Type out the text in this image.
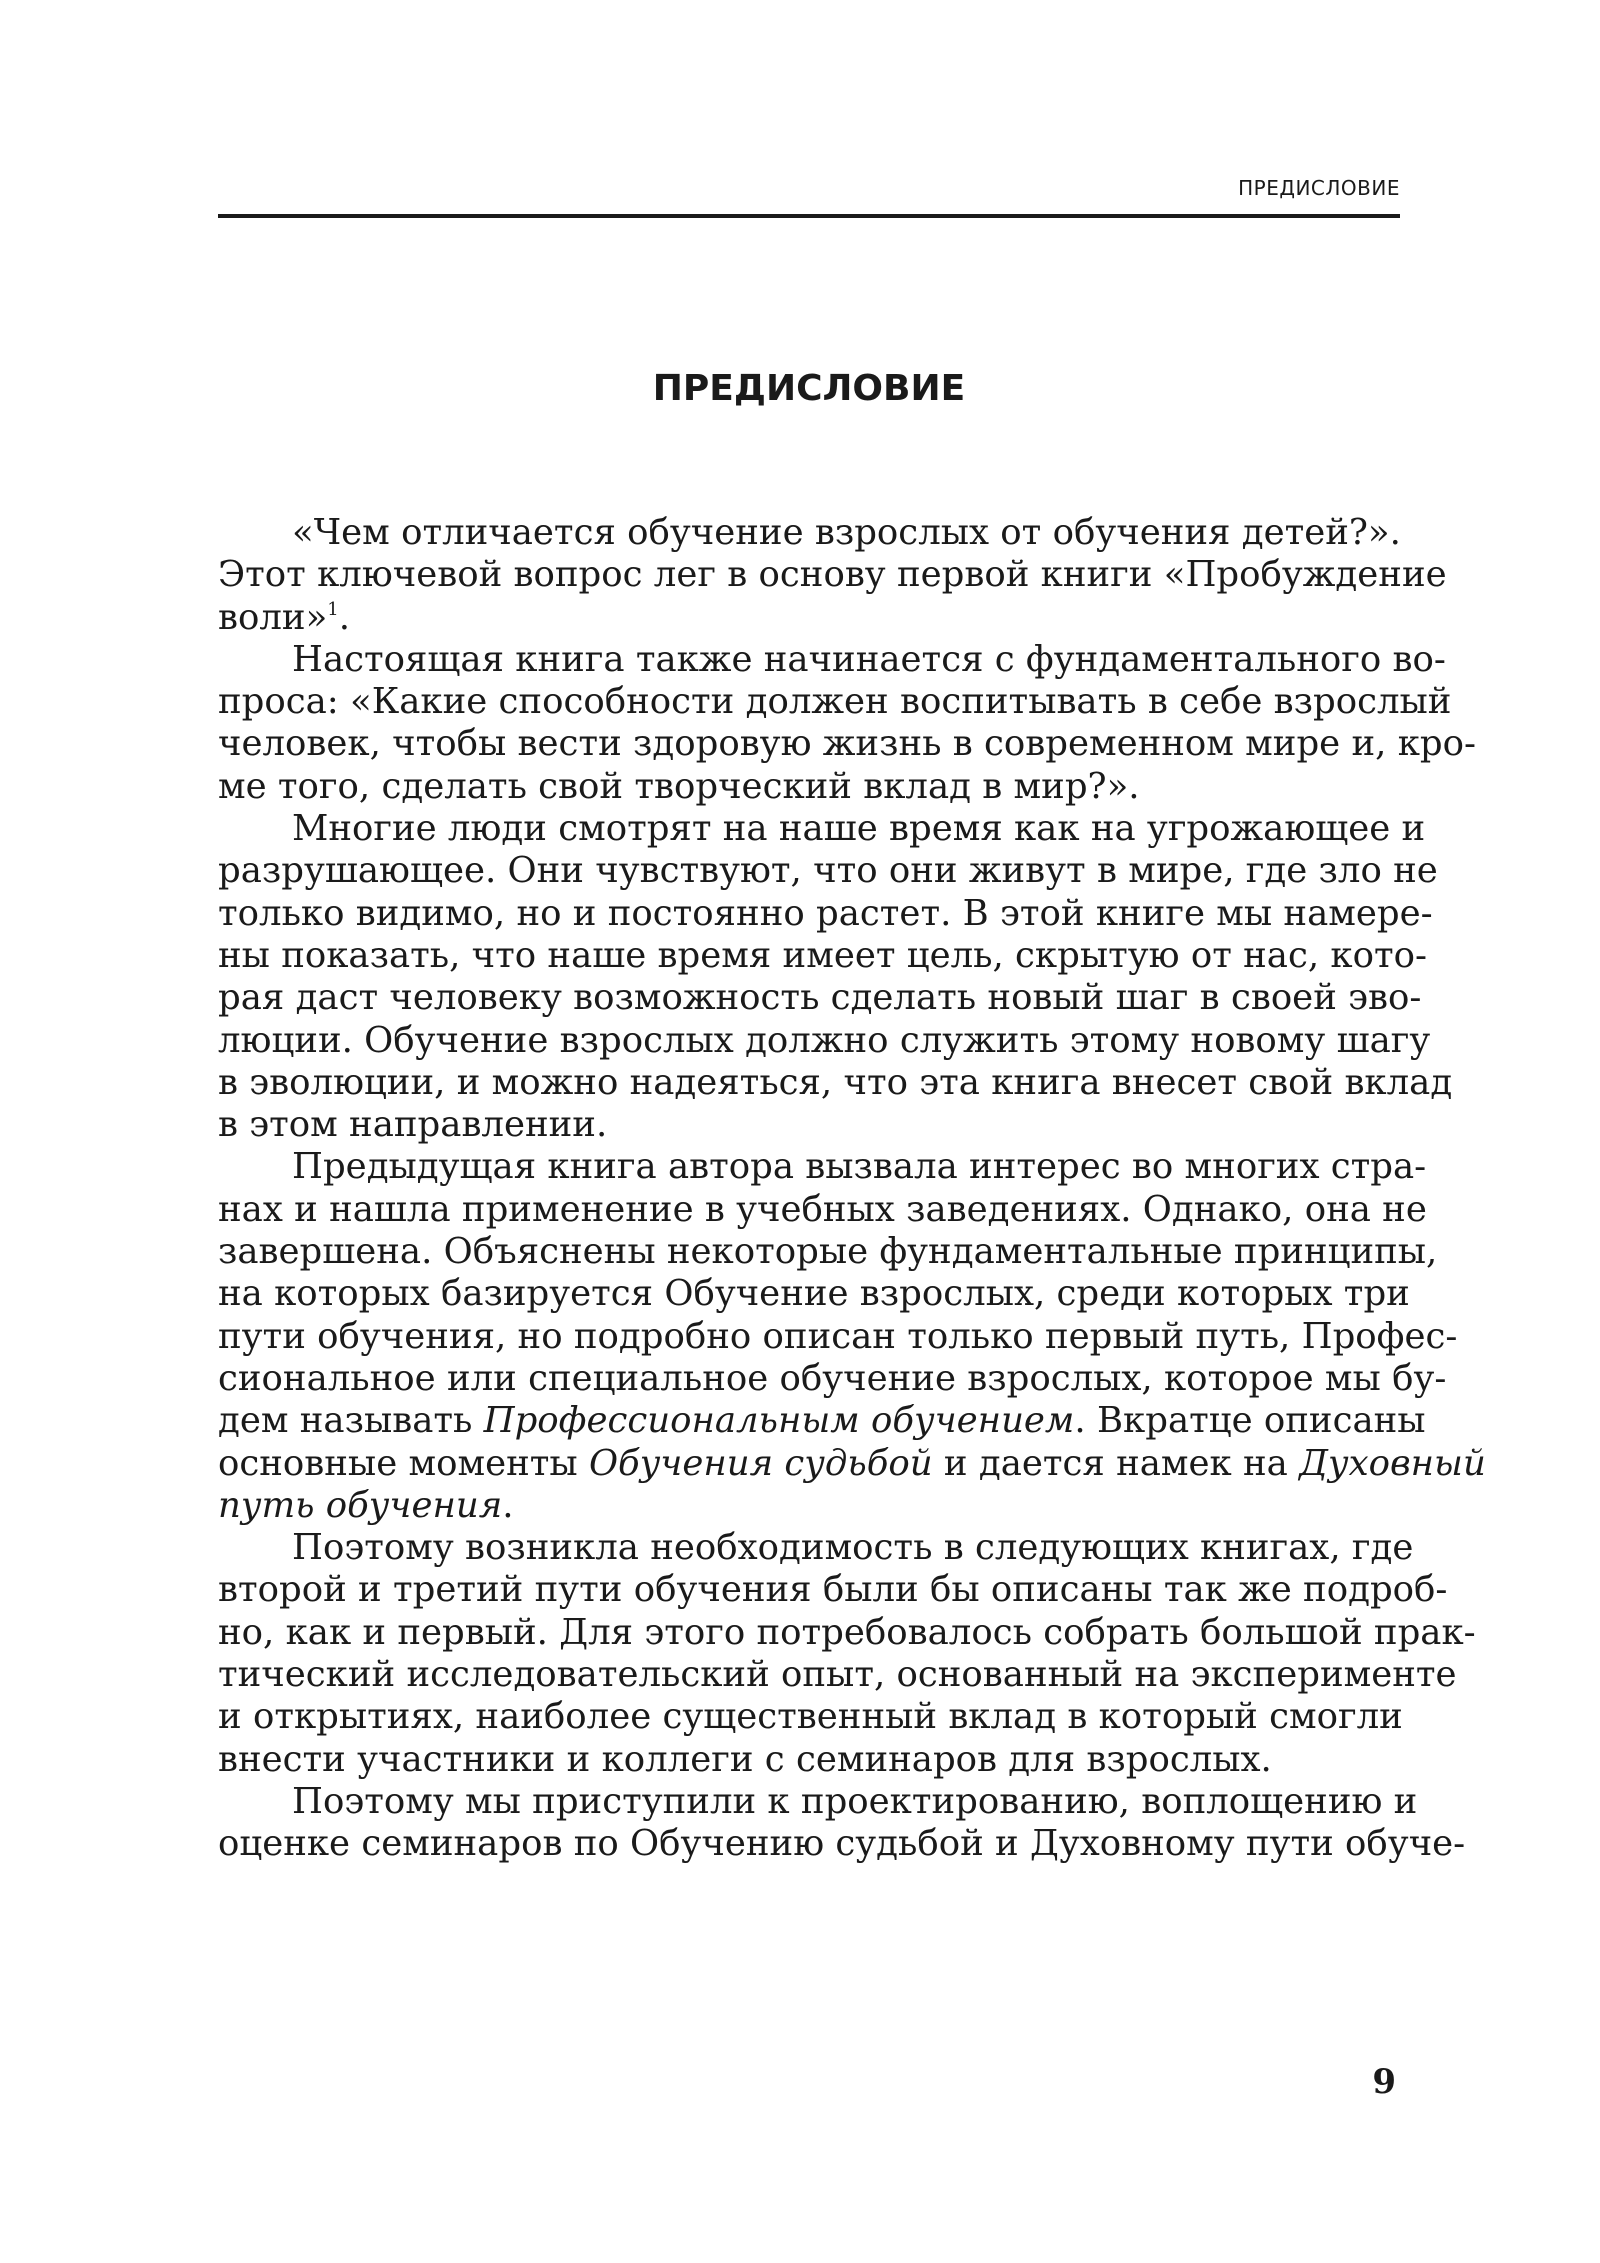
ПРЕДИСЛОВИЕ
ПРЕДИСЛОВИЕ
«Чем отличается обучение взрослых от обучения детей?».
Этот ключевой вопрос лег в основу первой книги «Пробуждение
воли»$^1$.
Настоящая книга также начинается с фундаментального во-
проса: «Какие способности должен воспитывать в себе взрослый
человек, чтобы вести здоровую жизнь в современном мире и, кро-
ме того, сделать свой творческий вклад в мир?».
Многие люди смотрят на наше время как на угрожающее и
разрушающее. Они чувствуют, что они живут в мире, где зло не
только видимо, но и постоянно растет. В этой книге мы намере-
ны показать, что наше время имеет цель, скрытую от нас, кото-
рая даст человеку возможность сделать новый шаг в своей эво-
люции. Обучение взрослых должно служить этому новому шагу
в эволюции, и можно надеяться, что эта книга внесет свой вклад
в этом направлении.
Предыдущая книга автора вызвала интерес во многих стра-
нах и нашла применение в учебных заведениях. Однако, она не
завершена. Объяснены некоторые фундаментальные принципы,
на которых базируется Обучение взрослых, среди которых три
пути обучения, но подробно описан только первый путь, Профес-
сиональное или специальное обучение взрослых, которое мы бу-
дем называть Профессиональным обучением. Вкратце описаны
основные моменты Обучения судьбой и дается намек на Духовный
путь обучения.
Поэтому возникла необходимость в следующих книгах, где
второй и третий пути обучения были бы описаны так же подроб-
но, как и первый. Для этого потребовалось собрать большой прак-
тический исследовательский опыт, основанный на эксперименте
и открытиях, наиболее существенный вклад в который смогли
внести участники и коллеги с семинаров для взрослых.
Поэтому мы приступили к проектированию, воплощению и
оценке семинаров по Обучению судьбой и Духовному пути обуче-
9
